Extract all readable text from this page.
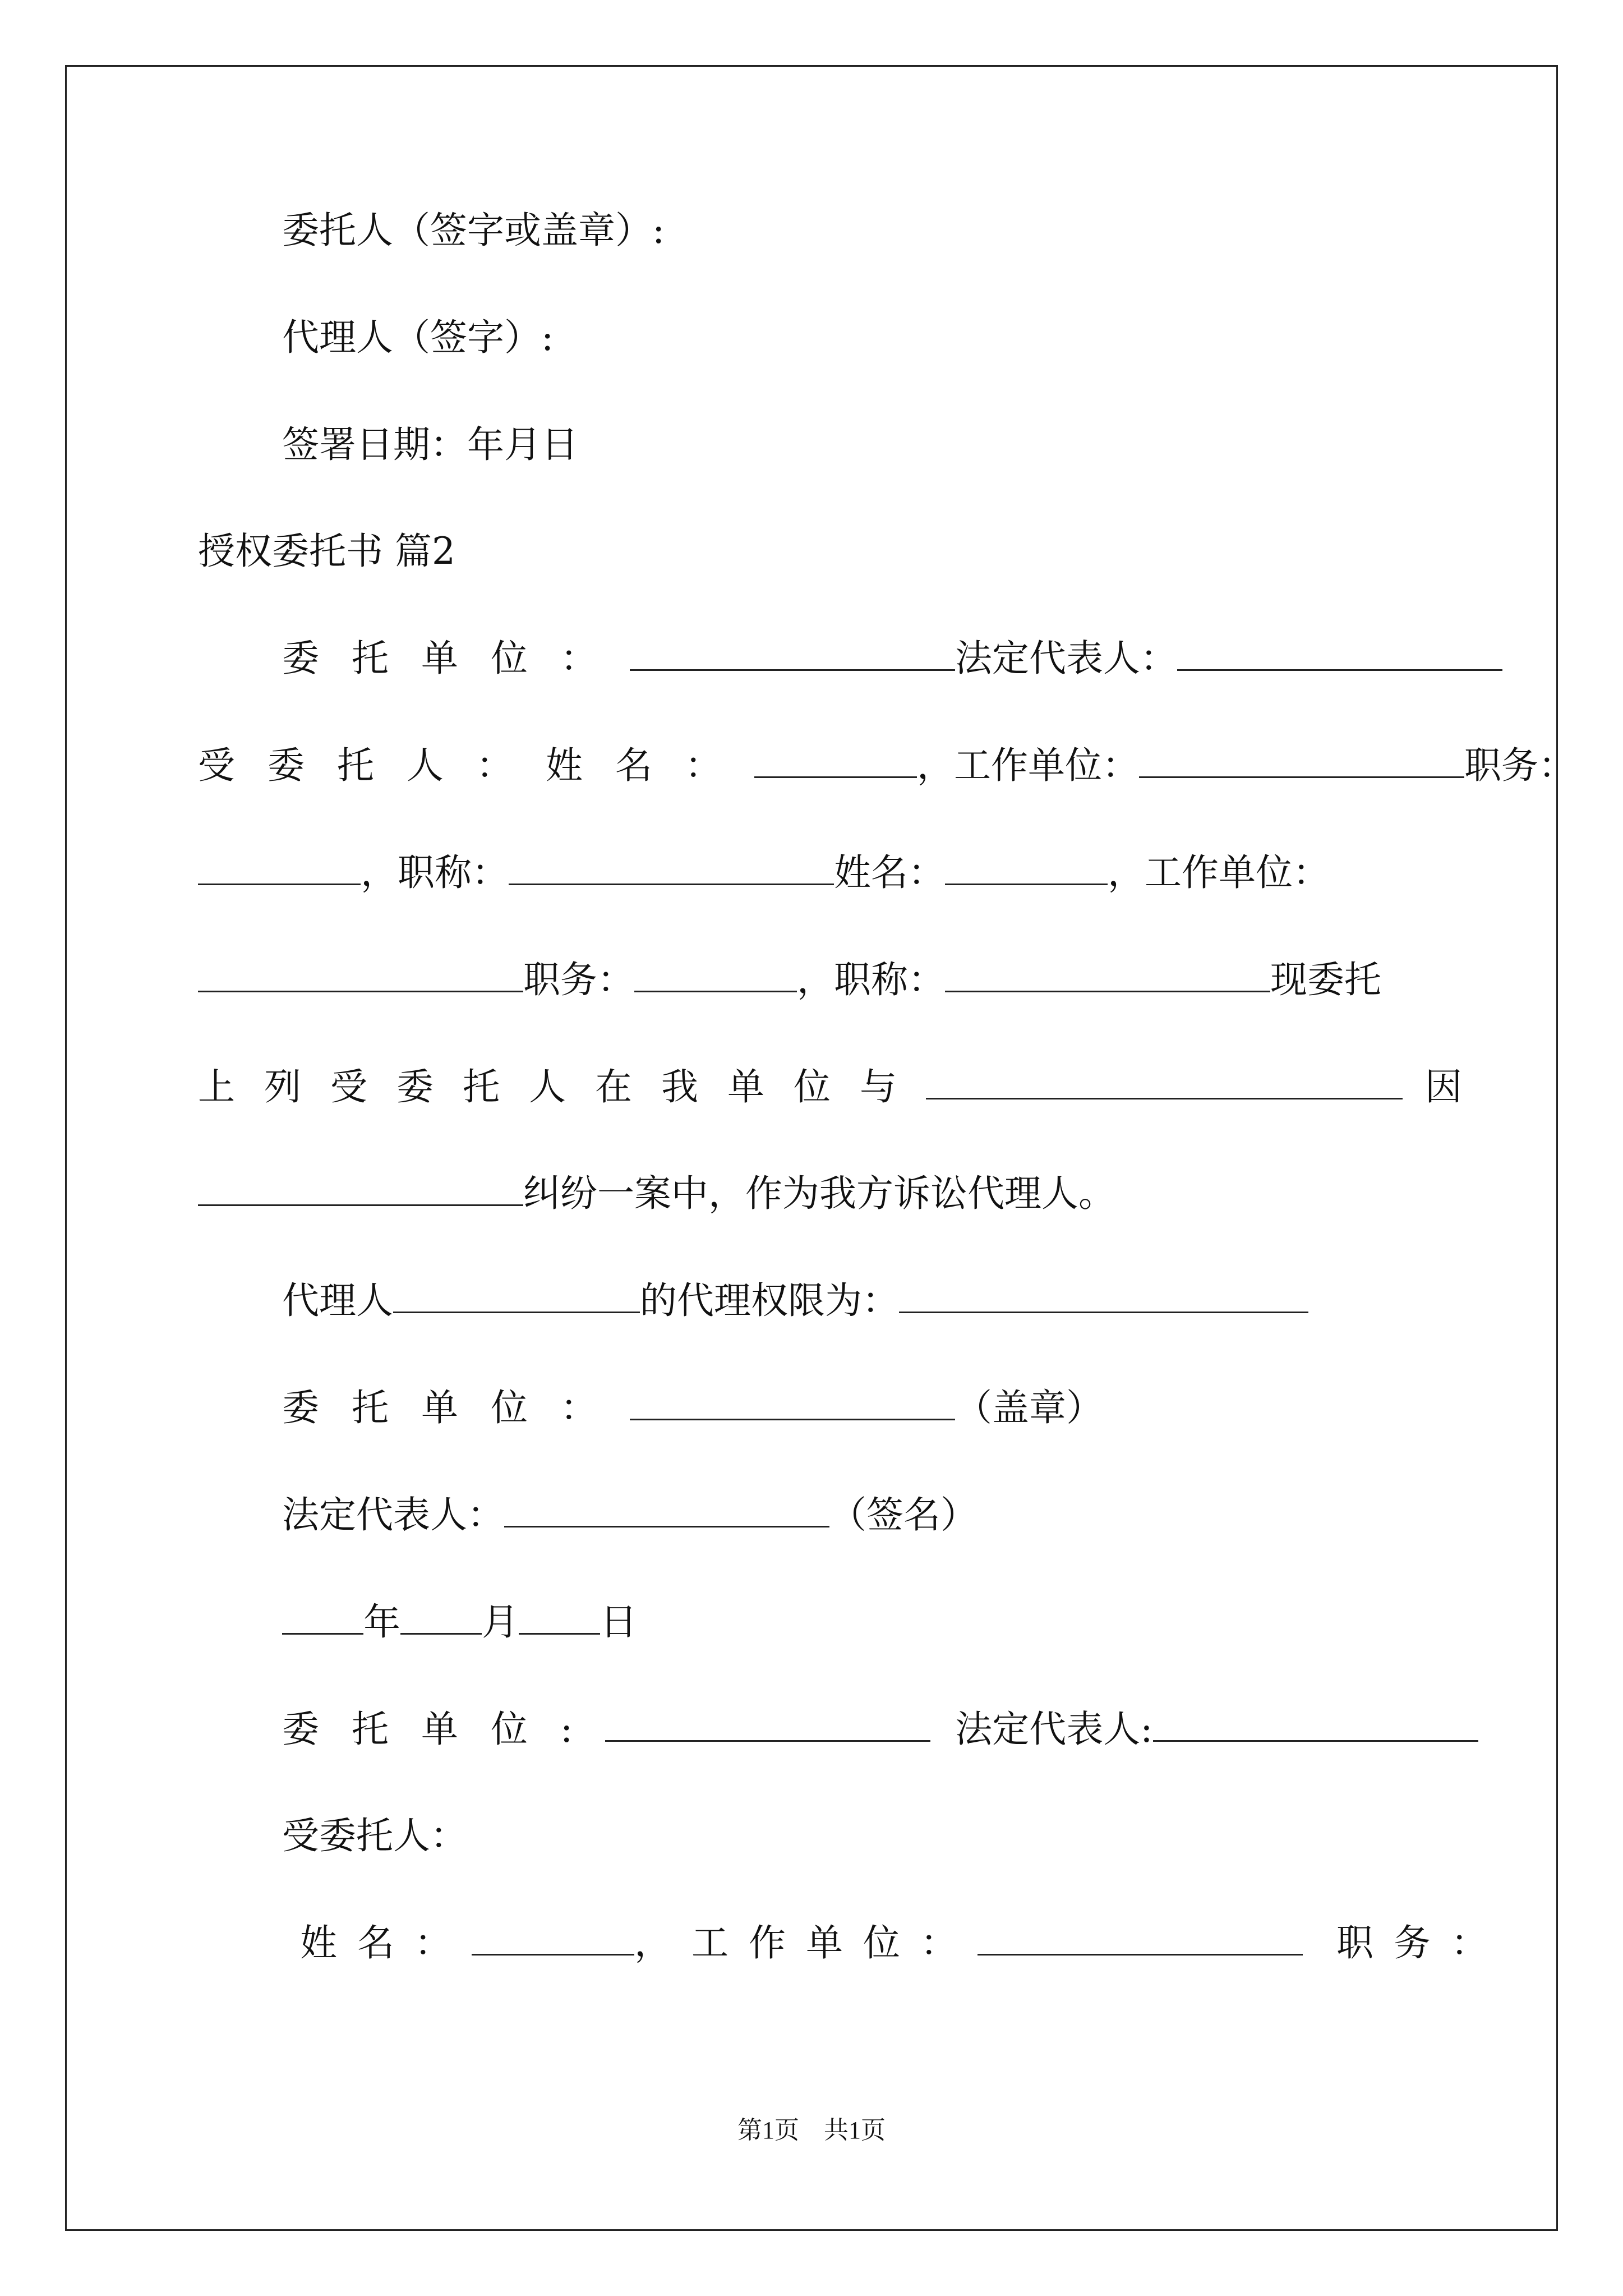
委托人（签字或盖章）:
代理人（签字）:
签署日期：年月日
授权委托书 篇2
委托单位：	法定代表人：
受委托人：姓名：	，工作单位：	职务：
，职称：	姓名：	，工作单位：
职务：	，职称：	现委托
上列受委托人在我单位与	因
纠纷一案中，作为我方诉讼代理人。
代理人	的代理权限为：
委托单位：	（盖章）
法定代表人：	（签名）
年 月 日
委托单位:	法定代表人:
受委托人：
姓名：	，工作单位：	职务：
第1页　共1页
